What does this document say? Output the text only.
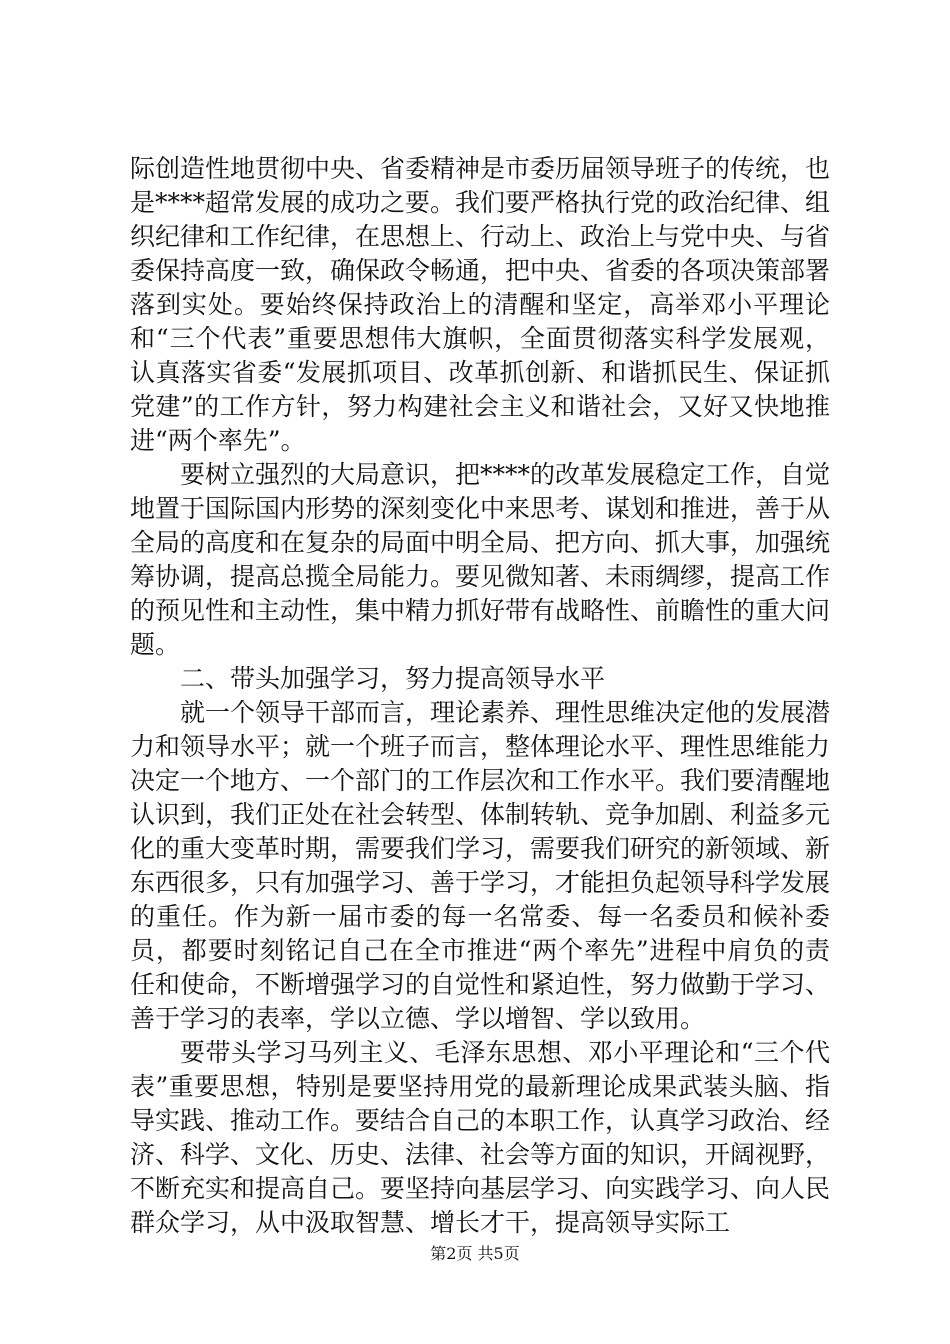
际创造性地贯彻中央、省委精神是市委历届领导班子的传统，也是****超常发展的成功之要。我们要严格执行党的政治纪律、组织纪律和工作纪律，在思想上、行动上、政治上与党中央、与省委保持高度一致，确保政令畅通，把中央、省委的各项决策部署落到实处。要始终保持政治上的清醒和坚定，高举邓小平理论和“三个代表”重要思想伟大旗帜，全面贯彻落实科学发展观，认真落实省委“发展抓项目、改革抓创新、和谐抓民生、保证抓党建”的工作方针，努力构建社会主义和谐社会，又好又快地推进“两个率先”。

要树立强烈的大局意识，把****的改革发展稳定工作，自觉地置于国际国内形势的深刻变化中来思考、谋划和推进，善于从全局的高度和在复杂的局面中明全局、把方向、抓大事，加强统筹协调，提高总揽全局能力。要见微知著、未雨绸缪，提高工作的预见性和主动性，集中精力抓好带有战略性、前瞻性的重大问题。

二、带头加强学习，努力提高领导水平

就一个领导干部而言，理论素养、理性思维决定他的发展潜力和领导水平；就一个班子而言，整体理论水平、理性思维能力决定一个地方、一个部门的工作层次和工作水平。我们要清醒地认识到，我们正处在社会转型、体制转轨、竞争加剧、利益多元化的重大变革时期，需要我们学习，需要我们研究的新领域、新东西很多，只有加强学习、善于学习，才能担负起领导科学发展的重任。作为新一届市委的每一名常委、每一名委员和候补委员，都要时刻铭记自己在全市推进“两个率先”进程中肩负的责任和使命，不断增强学习的自觉性和紧迫性，努力做勤于学习、善于学习的表率，学以立德、学以增智、学以致用。

要带头学习马列主义、毛泽东思想、邓小平理论和“三个代表”重要思想，特别是要坚持用党的最新理论成果武装头脑、指导实践、推动工作。要结合自己的本职工作，认真学习政治、经济、科学、文化、历史、法律、社会等方面的知识，开阔视野，不断充实和提高自己。要坚持向基层学习、向实践学习、向人民群众学习，从中汲取智慧、增长才干，提高领导实际工

第2页 共5页
